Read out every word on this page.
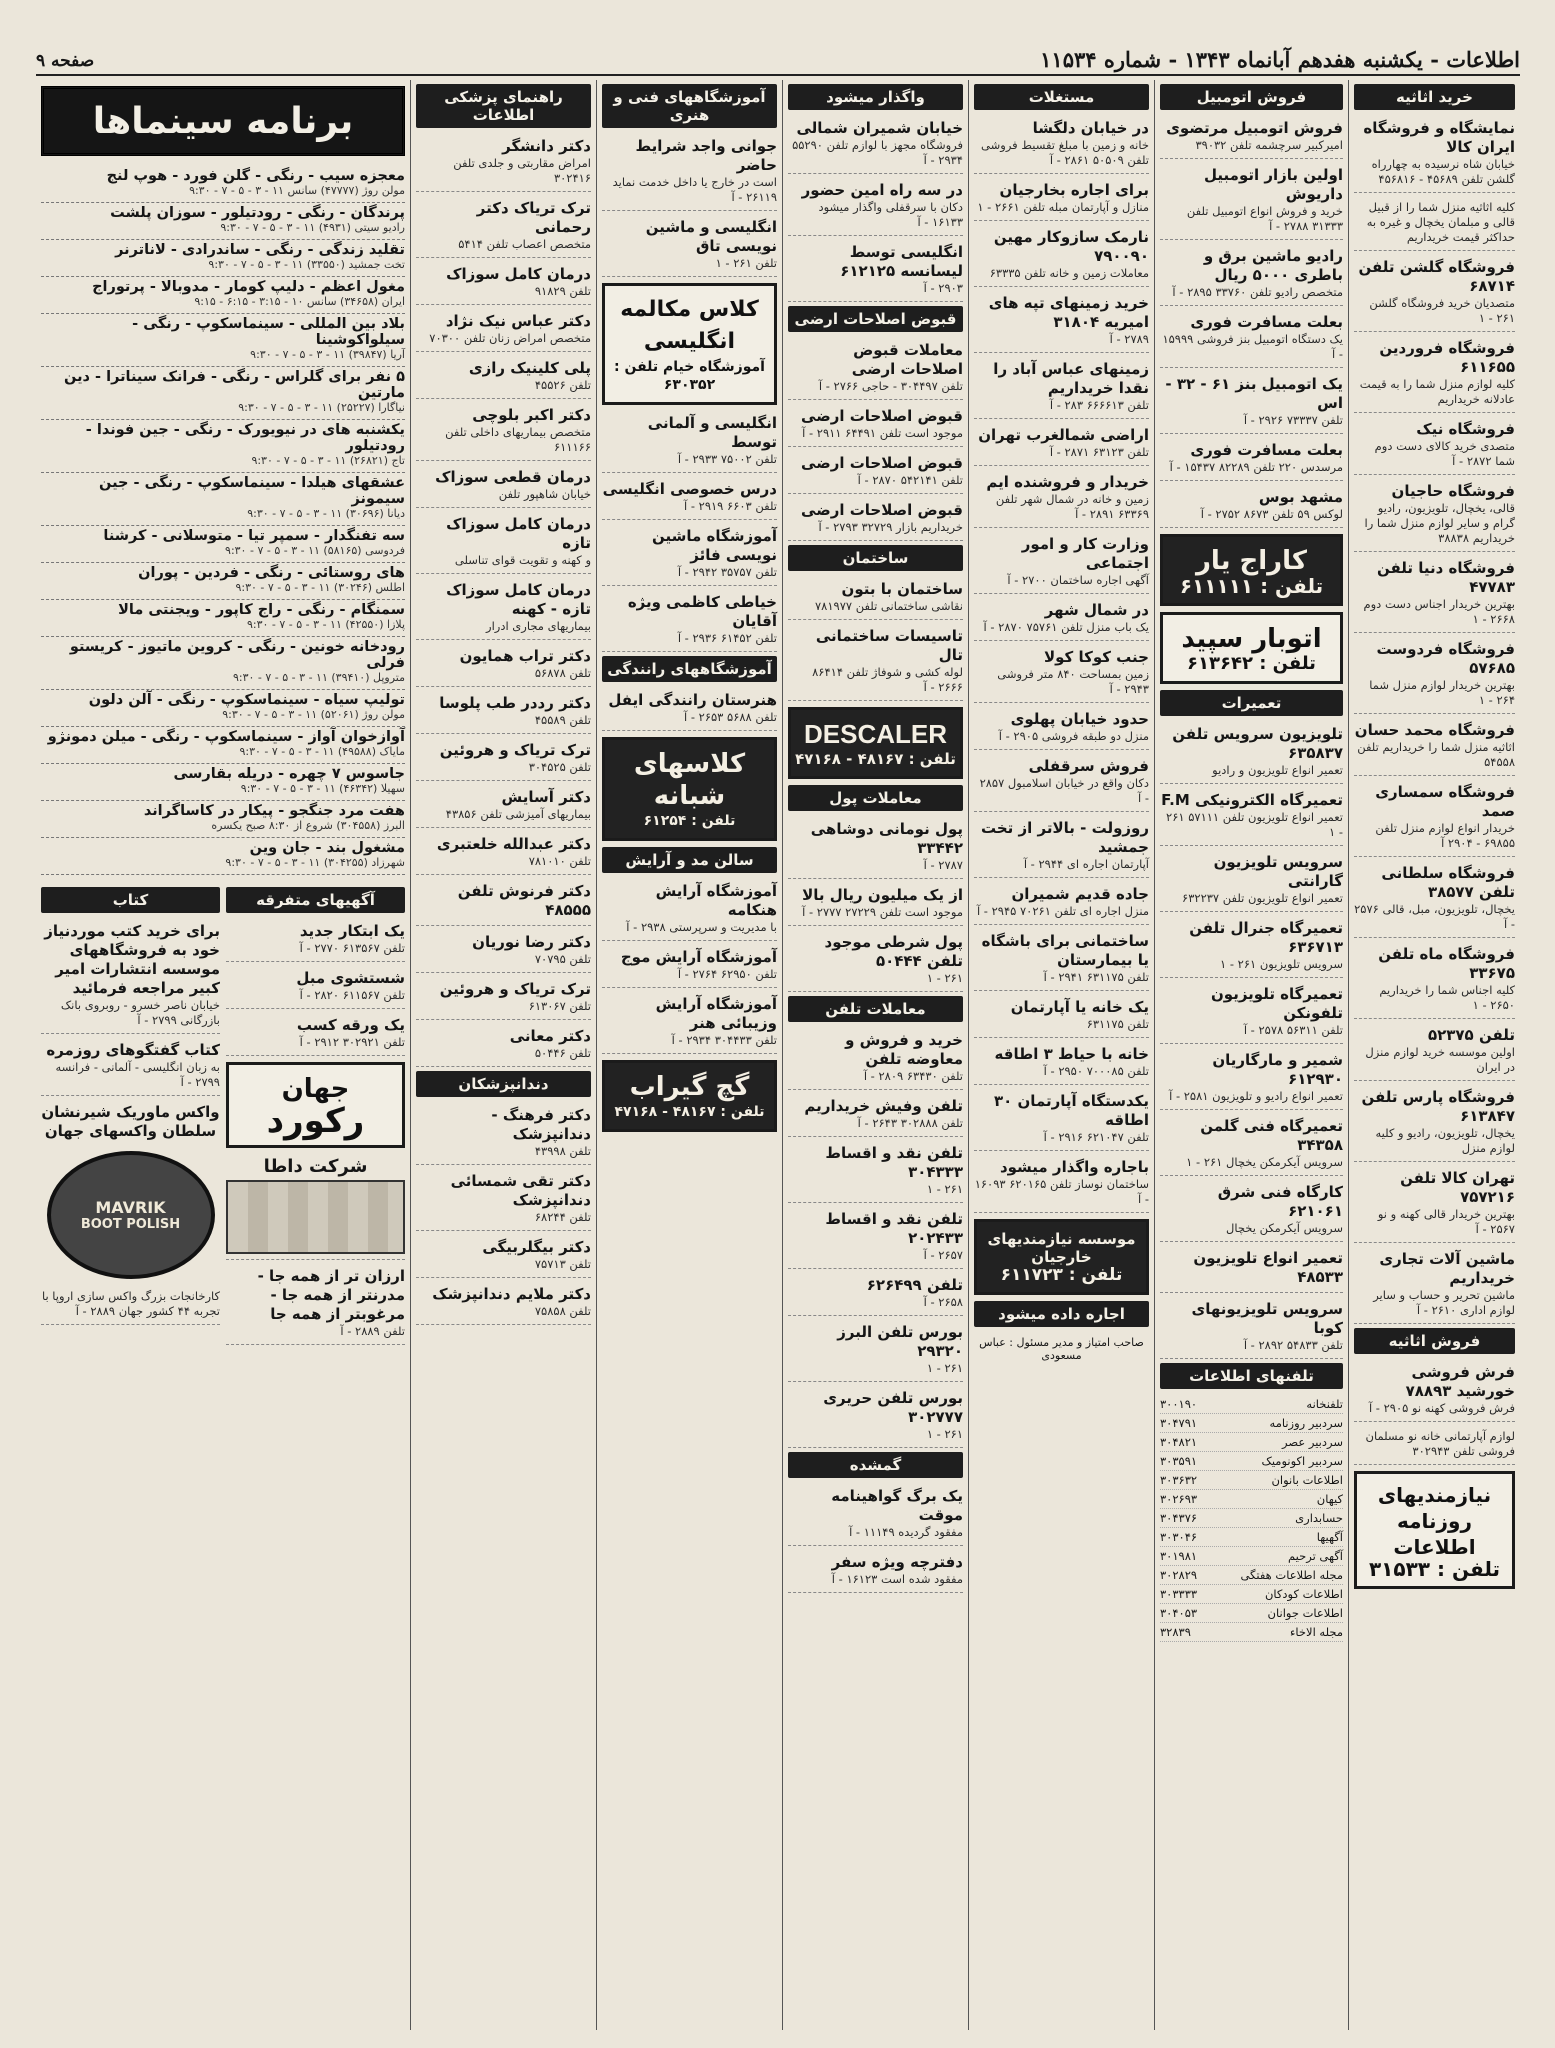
اطلاعات - یکشنبه هفدهم آبانماه ۱۳۴۳ - شماره ۱۱۵۳۴
صفحه ۹
خرید اثاثیه
نمایشگاه و فروشگاه ایران کالا
خیابان شاه نرسیده به چهارراه گلشن تلفن ۴۵۶۸۹ - ۴۵۶۸۱۶
کلیه اثاثیه منزل شما را از قبیل قالی و مبلمان یخچال و غیره به حداکثر قیمت خریداریم
فروشگاه گلشن تلفن ۶۸۷۱۴
متصدیان خرید فروشگاه گلشن ۲۶۱ - ۱
فروشگاه فروردین ۶۱۱۶۵۵
کلیه لوازم منزل شما را به قیمت عادلانه خریداریم
فروشگاه نیک
متصدی خرید کالای دست دوم شما ۲۸۷۲ - آ
فروشگاه حاجیان
قالی، یخچال، تلویزیون، رادیو گرام و سایر لوازم منزل شما را خریداریم ۳۸۸۳۸
فروشگاه دنیا تلفن ۴۷۷۸۳
بهترین خریدار اجناس دست دوم ۲۶۶۸ - ۱
فروشگاه فردوست ۵۷۶۸۵
بهترین خریدار لوازم منزل شما ۲۶۴ - ۱
فروشگاه محمد حسان
اثاثیه منزل شما را خریداریم تلفن ۵۴۵۵۸
فروشگاه سمساری صمد
خریدار انواع لوازم منزل تلفن ۶۹۸۵۵ - ۲۹۰۴ آ
فروشگاه سلطانی تلفن ۳۸۵۷۷
یخچال، تلویزیون، مبل، قالی ۲۵۷۶ - آ
فروشگاه ماه تلفن ۳۳۶۷۵
کلیه اجناس شما را خریداریم ۲۶۵۰ - ۱
تلفن ۵۲۳۷۵
اولین موسسه خرید لوازم منزل در ایران
فروشگاه پارس تلفن ۶۱۳۸۴۷
یخچال، تلویزیون، رادیو و کلیه لوازم منزل
تهران کالا تلفن ۷۵۷۲۱۶
بهترین خریدار قالی کهنه و نو ۲۵۶۷ - آ
ماشین آلات تجاری خریداریم
ماشین تحریر و حساب و سایر لوازم اداری ۲۶۱۰ - آ
فروش اثاثیه
فرش فروشی خورشید ۷۸۸۹۳
فرش فروشی کهنه نو ۲۹۰۵ - آ
لوازم آپارتمانی خانه نو مسلمان فروشی تلفن ۳۰۲۹۴۳
نیازمندیهای روزنامه اطلاعات
تلفن : ۳۱۵۳۳
فروش اتومبیل
فروش اتومبیل مرتضوی
امیرکبیر سرچشمه تلفن ۳۹۰۳۲
اولین بازار اتومبیل داریوش
خرید و فروش انواع اتومبیل تلفن ۳۱۳۳۳ ۲۷۸۸ - آ
رادیو ماشین برق و باطری ۵۰۰۰ ریال
متخصص رادیو تلفن ۳۳۷۶۰ ۲۸۹۵ - آ
بعلت مسافرت فوری
یک دستگاه اتومبیل بنز فروشی ۱۵۹۹۹ - آ
یک اتومبیل بنز ۶۱ - ۳۲ - اس
تلفن ۷۳۳۳۷ ۲۹۲۶ - آ
بعلت مسافرت فوری
مرسدس ۲۲۰ تلفن ۸۲۲۸۹ ۱۵۴۳۷ - آ
مشهد بوس
لوکس ۵۹ تلفن ۸۶۷۳ ۲۷۵۲ - آ
کاراج یار
تلفن : ۶۱۱۱۱۱
اتوبار سپید
تلفن : ۶۱۳۶۴۲
تعمیرات
تلویزیون سرویس تلفن ۶۳۵۸۳۷
تعمیر انواع تلویزیون و رادیو
تعمیرگاه الکترونیکی F.M
تعمیر انواع تلویزیون تلفن ۵۷۱۱۱ ۲۶۱ - ۱
سرویس تلویزیون گارانتی
تعمیر انواع تلویزیون تلفن ۶۳۲۲۳۷
تعمیرگاه جنرال تلفن ۶۳۶۷۱۳
سرویس تلویزیون ۲۶۱ - ۱
تعمیرگاه تلویزیون تلفونکن
تلفن ۵۶۳۱۱ ۲۵۷۸ - آ
شمیر و مارگاریان ۶۱۲۹۳۰
تعمیر انواع رادیو و تلویزیون ۲۵۸۱ - آ
تعمیرگاه فنی گلمن ۳۴۳۵۸
سرویس آیکرمکن یخچال ۲۶۱ - ۱
کارگاه فنی شرق ۶۲۱۰۶۱
سرویس آیکرمکن یخچال
تعمیر انواع تلویزیون ۴۸۵۳۳
سرویس تلویزیونهای کوبا
تلفن ۵۴۸۳۳ ۲۸۹۲ - آ
تلفنهای اطلاعات
تلفنخانه
۳۰۰۱۹۰
سردبیر روزنامه
۳۰۴۷۹۱
سردبیر عصر
۳۰۴۸۲۱
سردبیر اکونومیک
۳۰۳۵۹۱
اطلاعات بانوان
۳۰۳۶۳۲
کیهان
۳۰۲۶۹۳
حسابداری
۳۰۴۳۷۶
آگهیها
۳۰۳۰۴۶
آگهی ترحیم
۳۰۱۹۸۱
مجله اطلاعات هفتگی
۳۰۲۸۲۹
اطلاعات کودکان
۳۰۳۳۳۳
اطلاعات جوانان
۳۰۴۰۵۳
مجله الاخاء
۳۲۸۳۹
مستغلات
در خیابان دلگشا
خانه و زمین با مبلغ تقسیط فروشی تلفن ۵۰۵۰۹ ۲۸۶۱ - آ
برای اجاره بخارجیان
منازل و آپارتمان مبله تلفن ۲۶۶۱ - ۱
نارمک سازوکار مهین ۷۹۰۰۹۰
معاملات زمین و خانه تلفن ۶۳۳۳۵
خرید زمینهای تپه های امیریه ۳۱۸۰۴
۲۷۸۹ - آ
زمینهای عباس آباد را نقدا خریداریم
تلفن ۶۶۶۶۱۳ ۲۸۳ - آ
اراضی شمالغرب تهران
تلفن ۶۳۱۲۳ ۲۸۷۱ - آ
خریدار و فروشنده ایم
زمین و خانه در شمال شهر تلفن ۶۳۳۶۹ ۲۸۹۱ - آ
وزارت کار و امور اجتماعی
آگهی اجاره ساختمان ۲۷۰۰ - آ
در شمال شهر
یک باب منزل تلفن ۷۵۷۶۱ ۲۸۷۰ - آ
جنب کوکا کولا
زمین بمساحت ۸۴۰ متر فروشی ۲۹۴۳ - آ
حدود خیابان پهلوی
منزل دو طبقه فروشی ۲۹۰۵ - آ
فروش سرقفلی
دکان واقع در خیابان اسلامبول ۲۸۵۷ - آ
روزولت - بالاتر از تخت جمشید
آپارتمان اجاره ای ۲۹۴۴ - آ
جاده قدیم شمیران
منزل اجاره ای تلفن ۷۰۲۶۱ ۲۹۴۵ - آ
ساختمانی برای باشگاه یا بیمارستان
تلفن ۶۳۱۱۷۵ ۲۹۴۱ - آ
یک خانه یا آپارتمان
تلفن ۶۳۱۱۷۵
خانه با حیاط ۳ اطاقه
تلفن ۷۰۰۰۸۵ ۲۹۵۰ - آ
یکدستگاه آپارتمان ۳۰ اطاقه
تلفن ۶۲۱۰۴۷ ۲۹۱۶ - آ
باجاره واگذار میشود
ساختمان نوساز تلفن ۶۲۰۱۶۵ ۱۶۰۹۳ - آ
موسسه نیازمندیهای خارجیان
تلفن : ۶۱۱۷۲۳
اجاره داده میشود
صاحب امتیاز و مدیر مسئول : عباس مسعودی
واگذار میشود
خیابان شمیران شمالی
فروشگاه مجهز با لوازم تلفن ۵۵۲۹۰ ۲۹۳۴ - آ
در سه راه امین حضور
دکان با سرقفلی واگذار میشود ۱۶۱۳۳ - آ
انگلیسی توسط لیسانسه ۶۱۲۱۲۵
۲۹۰۳ - آ
قبوض اصلاحات ارضی
معاملات قبوض اصلاحات ارضی
تلفن ۳۰۴۴۹۷ - حاجی ۲۷۶۶ - آ
قبوض اصلاحات ارضی
موجود است تلفن ۶۴۴۹۱ ۲۹۱۱ - آ
قبوض اصلاحات ارضی
تلفن ۵۴۲۱۴۱ ۲۸۷۰ - آ
قبوض اصلاحات ارضی
خریداریم بازار ۳۲۷۲۹ ۲۷۹۳ - آ
ساختمان
ساختمان با بتون
نقاشی ساختمانی تلفن ۷۸۱۹۷۷
تاسیسات ساختمانی تال
لوله کشی و شوفاژ تلفن ۸۶۴۱۴ ۲۶۶۶ - آ
DESCALER
تلفن : ۴۸۱۶۷ - ۴۷۱۶۸
معاملات پول
پول نومانی دوشاهی ۳۳۴۴۲
۲۷۸۷ - آ
از یک میلیون ریال بالا
موجود است تلفن ۲۷۲۲۹ ۲۷۷۷ - آ
پول شرطی موجود تلفن ۵۰۴۴۴
۲۶۱ - ۱
معاملات تلفن
خرید و فروش و معاوضه تلفن
تلفن ۶۳۴۳۰ ۲۸۰۹ - آ
تلفن وفیش خریداریم
تلفن ۳۰۲۸۸۸ ۲۶۴۳ - آ
تلفن نقد و اقساط ۳۰۴۳۳۳
۲۶۱ - ۱
تلفن نقد و اقساط ۲۰۲۴۳۳
۲۶۵۷ - آ
تلفن ۶۲۶۴۹۹
۲۶۵۸ - آ
بورس تلفن البرز ۲۹۳۲۰
۲۶۱ - ۱
بورس تلفن حریری ۳۰۲۷۷۷
۲۶۱ - ۱
گمشده
یک برگ گواهینامه موقت
مفقود گردیده ۱۱۱۴۹ - آ
دفترچه ویژه سفر
مفقود شده است ۱۶۱۲۳ - آ
آموزشگاههای فنی و هنری
جوانی واجد شرایط حاضر
است در خارج یا داخل خدمت نماید ۲۶۱۱۹ - آ
انگلیسی و ماشین نویسی تاق
تلفن ۲۶۱ - ۱
کلاس مکالمه انگلیسی
آموزشگاه خیام تلفن : ۶۳۰۳۵۲
انگلیسی و آلمانی توسط
تلفن ۷۵۰۰۲ ۲۹۳۳ - آ
درس خصوصی انگلیسی
تلفن ۶۶۰۳ ۲۹۱۹ - آ
آموزشگاه ماشین نویسی فائز
تلفن ۳۵۷۵۷ ۲۹۴۲ - آ
خیاطی کاظمی ویژه آقایان
تلفن ۶۱۴۵۲ ۲۹۳۶ - آ
آموزشگاههای رانندگی
هنرستان رانندگی ایفل
تلفن ۵۶۸۸ ۲۶۵۳ - آ
کلاسهای شبانه
تلفن : ۶۱۲۵۴
سالن مد و آرایش
آموزشگاه آرایش هنکامه
با مدیریت و سرپرستی ۲۹۳۸ - آ
آموزشگاه آرایش موج
تلفن ۶۲۹۵۰ ۲۷۶۴ - آ
آموزشگاه آرایش وزیبائی هنر
تلفن ۳۰۴۴۳۳ ۲۹۳۴ - آ
گچ گیراب
تلفن : ۴۸۱۶۷ - ۴۷۱۶۸
راهنمای پزشکی اطلاعات
دکتر دانشگر
امراض مقاربتی و جلدی تلفن ۳۰۲۴۱۶
ترک تریاک دکتر رحمانی
متخصص اعصاب تلفن ۵۴۱۴
درمان کامل سوزاک
تلفن ۹۱۸۲۹
دکتر عباس نیک نژاد
متخصص امراض زنان تلفن ۷۰۳۰۰
پلی کلینیک رازی
تلفن ۴۵۵۲۶
دکتر اکبر بلوچی
متخصص بیماریهای داخلی تلفن ۶۱۱۱۶۶
درمان قطعی سوزاک
خیابان شاهپور تلفن
درمان کامل سوزاک تازه
و کهنه و تقویت قوای تناسلی
درمان کامل سوزاک تازه - کهنه
بیماریهای مجاری ادرار
دکتر تراب همایون
تلفن ۵۶۸۷۸
دکتر رددر طب پلوسا
تلفن ۴۵۵۸۹
ترک تریاک و هروئین
تلفن ۳۰۴۵۲۵
دکتر آسایش
بیماریهای آمیزشی تلفن ۴۳۸۵۶
دکتر عبدالله خلعتبری
تلفن ۷۸۱۰۱۰
دکتر فرنوش تلفن ۴۸۵۵۵
دکتر رضا نوریان
تلفن ۷۰۷۹۵
ترک تریاک و هروئین
تلفن ۶۱۳۰۶۷
دکتر معانی
تلفن ۵۰۴۴۶
دندانپزشکان
دکتر فرهنگ - دندانپزشک
تلفن ۴۳۹۹۸
دکتر تقی شمسائی دندانپزشک
تلفن ۶۸۲۴۴
دکتر بیگلربیگی
تلفن ۷۵۷۱۳
دکتر ملایم دندانپزشک
تلفن ۷۵۸۵۸
برنامه سینماها
معجزه سیب - رنگی - گلن فورد - هوپ لنج
مولن روژ (۴۷۷۷۷) سانس ۱۱ - ۳ - ۵ - ۷ - ۹:۳۰
پرندگان - رنگی - رودتیلور - سوزان پلشت
رادیو سیتی (۴۹۳۱) ۱۱ - ۳ - ۵ - ۷ - ۹:۳۰
تقلید زندگی - رنگی - ساندرادی - لاناترنر
تخت جمشید (۳۳۵۵۰) ۱۱ - ۳ - ۵ - ۷ - ۹:۳۰
مغول اعظم - دلیپ کومار - مدوبالا - پرتوراج
ایران (۳۴۶۵۸) سانس ۱۰ - ۳:۱۵ - ۶:۱۵ - ۹:۱۵
بلاد بین المللی - سینماسکوپ - رنگی - سیلواکوشینا
آریا (۳۹۸۴۷) ۱۱ - ۳ - ۵ - ۷ - ۹:۳۰
۵ نفر برای گلراس - رنگی - فرانک سیناترا - دین مارتین
نیاگارا (۲۵۲۲۷) ۱۱ - ۳ - ۵ - ۷ - ۹:۳۰
یکشنبه های در نیویورک - رنگی - جین فوندا - رودتیلور
تاج (۲۶۸۲۱) ۱۱ - ۳ - ۵ - ۷ - ۹:۳۰
عشقهای هیلدا - سینماسکوپ - رنگی - جین سیمونز
دیانا (۳۰۶۹۶) ۱۱ - ۳ - ۵ - ۷ - ۹:۳۰
سه تفنگدار - سمپر تیا - متوسلانی - کرشنا
فردوسی (۵۸۱۶۵) ۱۱ - ۳ - ۵ - ۷ - ۹:۳۰
های روستائی - رنگی - فردین - پوران
اطلس (۳۰۲۴۶) ۱۱ - ۳ - ۵ - ۷ - ۹:۳۰
سمنگام - رنگی - راج کاپور - ویجنتی مالا
پلازا (۴۲۵۵۰) ۱۱ - ۳ - ۵ - ۷ - ۹:۳۰
رودخانه خونین - رنگی - کروین ماتیوز - کریستو فرلی
متروپل (۳۹۴۱۰) ۱۱ - ۳ - ۵ - ۷ - ۹:۳۰
تولیپ سیاه - سینماسکوپ - رنگی - آلن دلون
مولن روژ (۵۲۰۶۱) ۱۱ - ۳ - ۵ - ۷ - ۹:۳۰
آوازخوان آواز - سینماسکوپ - رنگی - میلن دمونژو
مایاک (۴۹۵۸۸) ۱۱ - ۳ - ۵ - ۷ - ۹:۳۰
جاسوس ۷ چهره - دریله بقارسی
سهیلا (۴۶۳۴۲) ۱۱ - ۳ - ۵ - ۷ - ۹:۳۰
هفت مرد جنگجو - پیکار در کاساگراند
البرز (۳۰۴۵۵۸) شروع از ۸:۳۰ صبح یکسره
مشغول بند - جان وین
شهرزاد (۳۰۴۲۵۵) ۱۱ - ۳ - ۵ - ۷ - ۹:۳۰
آگهیهای متفرقه
یک ابتکار جدید
تلفن ۶۱۳۵۶۷ ۲۷۷۰ - آ
شستشوی مبل
تلفن ۶۱۱۵۶۷ ۲۸۲۰ - آ
یک ورقه کسب
تلفن ۳۰۲۹۲۱ ۲۹۱۲ - آ
جهان
رکورد
شرکت داطا
ارزان تر از همه جا - مدرنتر از همه جا - مرغوبتر از همه جا
تلفن ۲۸۸۹ - آ
کتاب
برای خرید کتب موردنیاز خود به فروشگاههای موسسه انتشارات امیر کبیر مراجعه فرمائید
خیابان ناصر خسرو - روبروی بانک بازرگانی ۲۷۹۹ - آ
کتاب گفتگوهای روزمره
به زبان انگلیسی - آلمانی - فرانسه ۲۷۹۹ - آ
واکس ماوریک شیرنشان سلطان واکسهای جهان
MAVRIK
BOOT POLISH
کارخانجات بزرگ واکس سازی اروپا با تجربه ۴۴ کشور جهان ۲۸۸۹ - آ
